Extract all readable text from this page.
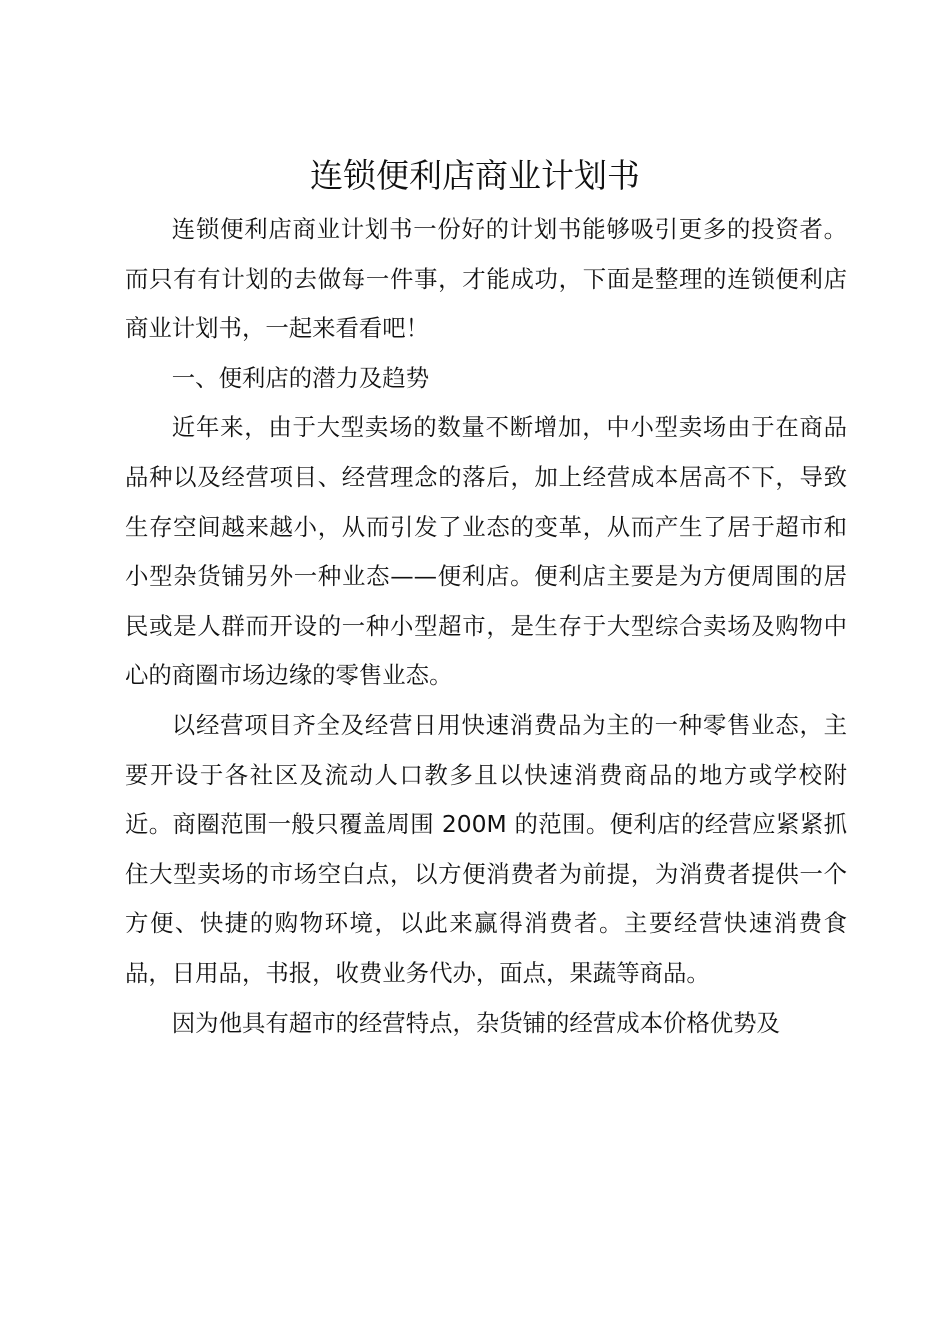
连锁便利店商业计划书

连锁便利店商业计划书一份好的计划书能够吸引更多的投资者。而只有有计划的去做每一件事，才能成功，下面是整理的连锁便利店商业计划书，一起来看看吧！

一、便利店的潜力及趋势

近年来，由于大型卖场的数量不断增加，中小型卖场由于在商品品种以及经营项目、经营理念的落后，加上经营成本居高不下，导致生存空间越来越小，从而引发了业态的变革，从而产生了居于超市和小型杂货铺另外一种业态——便利店。便利店主要是为方便周围的居民或是人群而开设的一种小型超市，是生存于大型综合卖场及购物中心的商圈市场边缘的零售业态。

以经营项目齐全及经营日用快速消费品为主的一种零售业态，主要开设于各社区及流动人口教多且以快速消费商品的地方或学校附近。商圈范围一般只覆盖周围 200M 的范围。便利店的经营应紧紧抓住大型卖场的市场空白点，以方便消费者为前提，为消费者提供一个方便、快捷的购物环境，以此来赢得消费者。主要经营快速消费食品，日用品，书报，收费业务代办，面点，果蔬等商品。

因为他具有超市的经营特点，杂货铺的经营成本价格优势及
